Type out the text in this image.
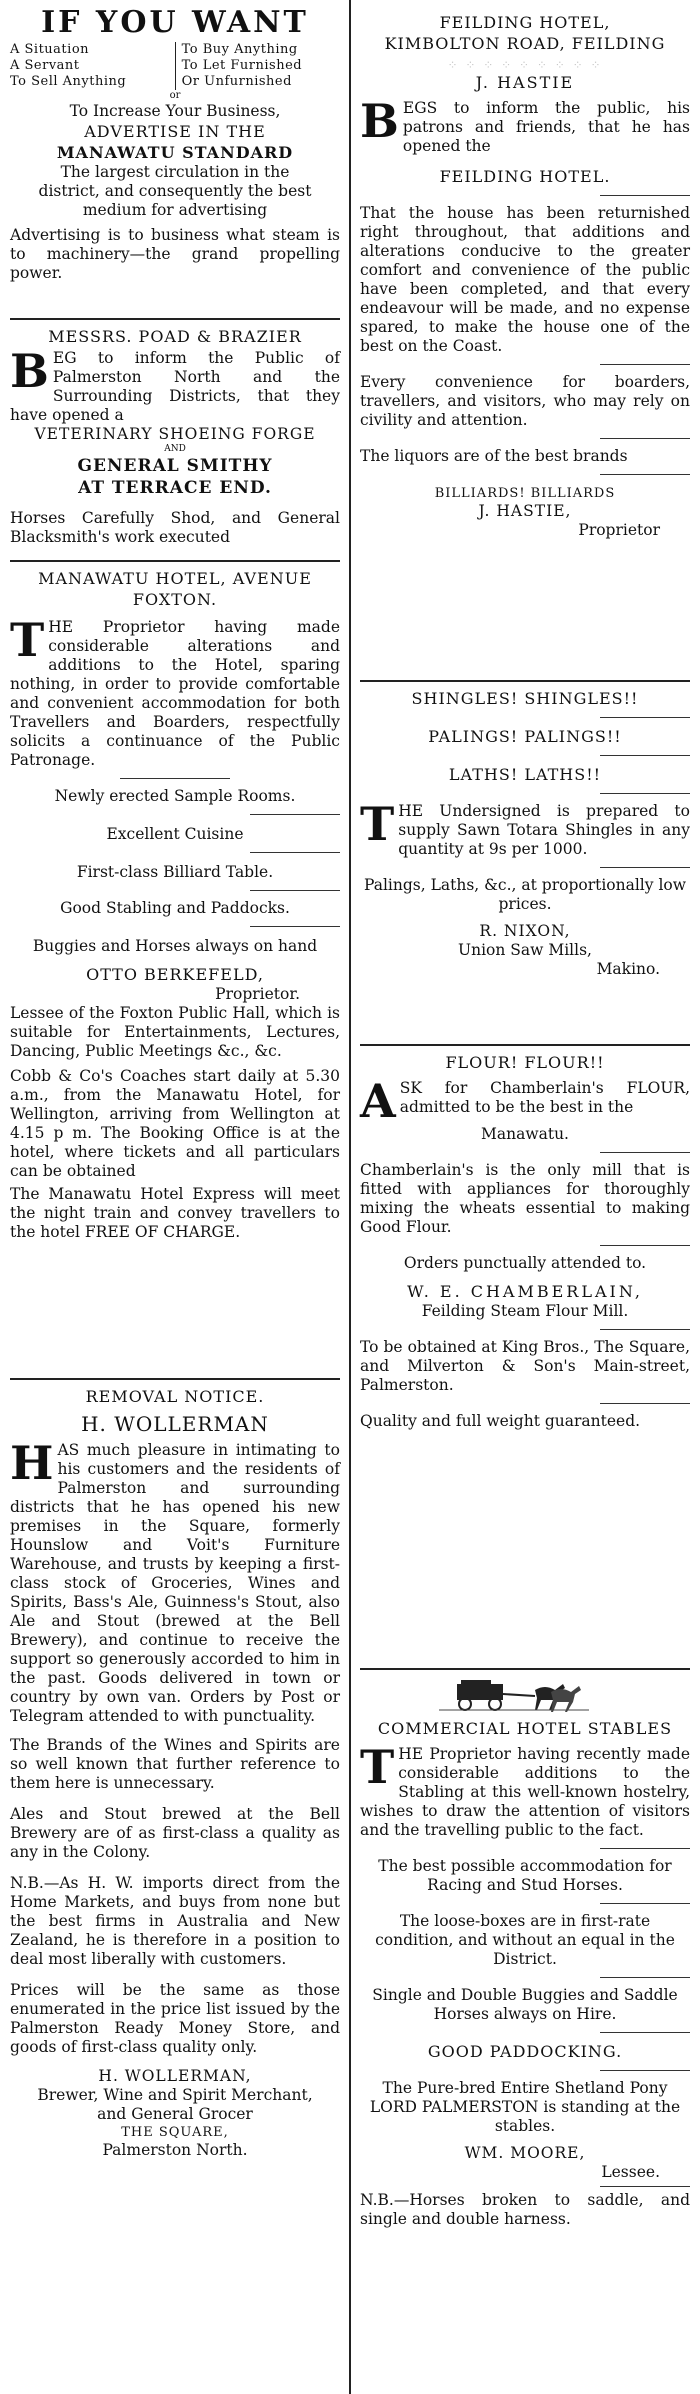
IF YOU WANT

A Situation
A Servant
To Sell Anything
To Buy Anything
To Let Furnished
Or Unfurnished

or

To Increase Your Business,

ADVERTISE IN THE

MANAWATU STANDARD

The largest circulation in the district, and consequently the best medium for advertising

Advertising is to business what steam is to machinery—the grand propelling power.

MESSRS. POAD & BRAZIER

BEG to inform the Public of Palmerston North and the Surrounding Districts, that they have opened a

VETERINARY SHOEING FORGE

AND

GENERAL SMITHY

AT TERRACE END.

Horses Carefully Shod, and General Blacksmith's work executed

MANAWATU HOTEL, AVENUE

FOXTON.

THE Proprietor having made considerable alterations and additions to the Hotel, sparing nothing, in order to provide comfortable and convenient accommodation for both Travellers and Boarders, respectfully solicits a continuance of the Public Patronage.

Newly erected Sample Rooms.

Excellent Cuisine

First-class Billiard Table.

Good Stabling and Paddocks.

Buggies and Horses always on hand

OTTO BERKEFELD,

Proprietor.

Lessee of the Foxton Public Hall, which is suitable for Entertainments, Lectures, Dancing, Public Meetings &c., &c.

Cobb & Co's Coaches start daily at 5.30 a.m., from the Manawatu Hotel, for Wellington, arriving from Wellington at 4.15 p m. The Booking Office is at the hotel, where tickets and all particulars can be obtained

The Manawatu Hotel Express will meet the night train and convey travellers to the hotel FREE OF CHARGE.

REMOVAL NOTICE.

H. WOLLERMAN

HAS much pleasure in intimating to his customers and the residents of Palmerston and surrounding districts that he has opened his new premises in the Square, formerly Hounslow and Voit's Furniture Warehouse, and trusts by keeping a first-class stock of Groceries, Wines and Spirits, Bass's Ale, Guinness's Stout, also Ale and Stout (brewed at the Bell Brewery), and continue to receive the support so generously accorded to him in the past. Goods delivered in town or country by own van. Orders by Post or Telegram attended to with punctuality.

The Brands of the Wines and Spirits are so well known that further reference to them here is unnecessary.

Ales and Stout brewed at the Bell Brewery are of as first-class a quality as any in the Colony.

N.B.—As H. W. imports direct from the Home Markets, and buys from none but the best firms in Australia and New Zealand, he is therefore in a position to deal most liberally with customers.

Prices will be the same as those enumerated in the price list issued by the Palmerston Ready Money Store, and goods of first-class quality only.

H. WOLLERMAN,

Brewer, Wine and Spirit Merchant,

and General Grocer

THE SQUARE,

Palmerston North.

FEILDING HOTEL,

KIMBOLTON ROAD, FEILDING

⁘ ⁘ ⁘ ⁘ ⁘ ⁘ ⁘ ⁘ ⁘

J. HASTIE

BEGS to inform the public, his patrons and friends, that he has opened the

FEILDING HOTEL.

That the house has been returnished right throughout, that additions and alterations conducive to the greater comfort and convenience of the public have been completed, and that every endeavour will be made, and no expense spared, to make the house one of the best on the Coast.

Every convenience for boarders, travellers, and visitors, who may rely on civility and attention.

The liquors are of the best brands

BILLIARDS! BILLIARDS

J. HASTIE,

Proprietor

SHINGLES! SHINGLES!!

PALINGS! PALINGS!!

LATHS! LATHS!!

THE Undersigned is prepared to supply Sawn Totara Shingles in any quantity at 9s per 1000.

Palings, Laths, &c., at proportionally low prices.

R. NIXON,

Union Saw Mills,

Makino.

FLOUR! FLOUR!!

ASK for Chamberlain's FLOUR, admitted to be the best in the

Manawatu.

Chamberlain's is the only mill that is fitted with appliances for thoroughly mixing the wheats essential to making Good Flour.

Orders punctually attended to.

W. E. CHAMBERLAIN,

Feilding Steam Flour Mill.

To be obtained at King Bros., The Square, and Milverton & Son's Main-street, Palmerston.

Quality and full weight guaranteed.

COMMERCIAL HOTEL STABLES

THE Proprietor having recently made considerable additions to the Stabling at this well-known hostelry, wishes to draw the attention of visitors and the travelling public to the fact.

The best possible accommodation for Racing and Stud Horses.

The loose-boxes are in first-rate condition, and without an equal in the District.

Single and Double Buggies and Saddle Horses always on Hire.

GOOD PADDOCKING.

The Pure-bred Entire Shetland Pony LORD PALMERSTON is standing at the stables.

WM. MOORE,

Lessee.

N.B.—Horses broken to saddle, and single and double harness.
